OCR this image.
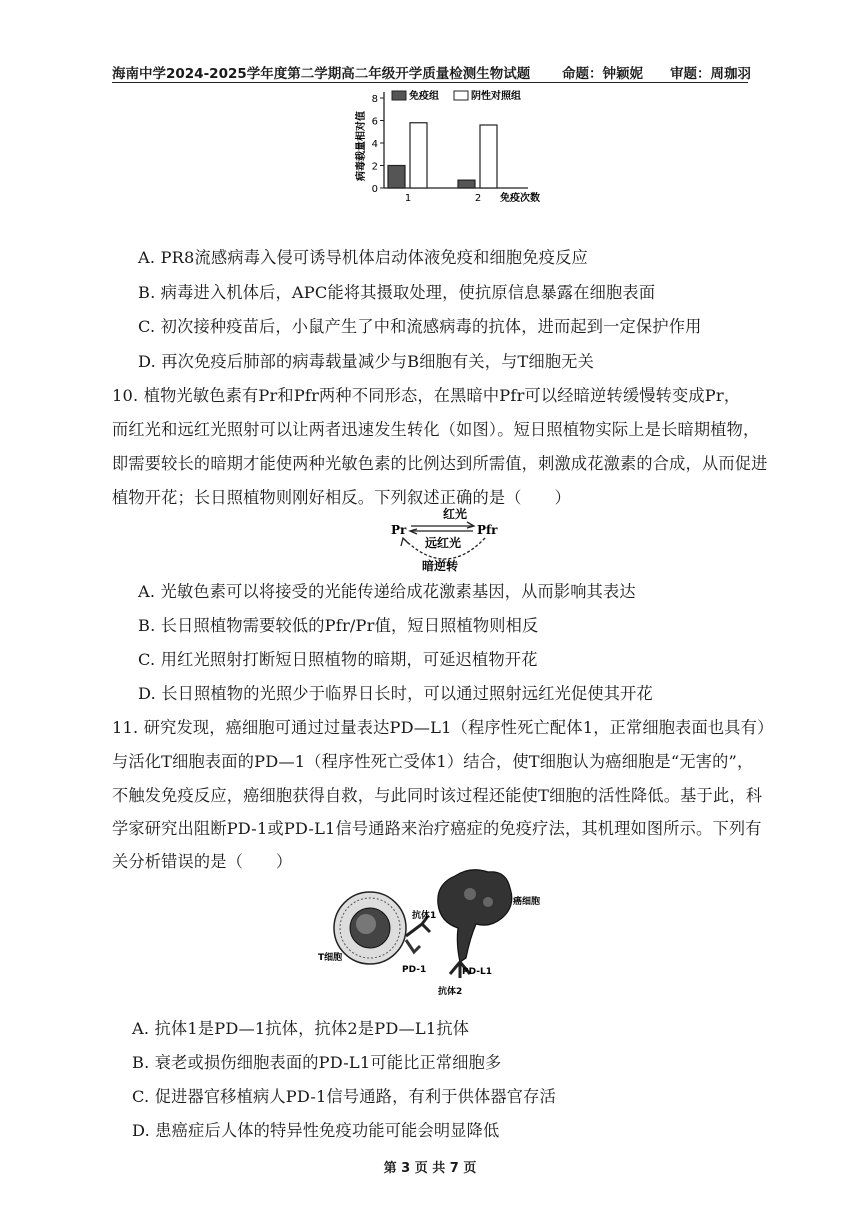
海南中学2024-2025学年度第二学期高二年级开学质量检测生物试题 命题：钟颖妮 审题：周珈羽
病毒载量相对值
0
2
4
6
8
1	2
免疫组	阴性对照组
免疫次数
A. PR8流感病毒入侵可诱导机体启动体液免疫和细胞免疫反应
B. 病毒进入机体后，APC能将其摄取处理，使抗原信息暴露在细胞表面
C. 初次接种疫苗后，小鼠产生了中和流感病毒的抗体，进而起到一定保护作用
D. 再次免疫后肺部的病毒载量减少与B细胞有关，与T细胞无关
10. 植物光敏色素有Pr和Pfr两种不同形态，在黑暗中Pfr可以经暗逆转缓慢转变成Pr，
而红光和远红光照射可以让两者迅速发生转化（如图）。短日照植物实际上是长暗期植物，
即需要较长的暗期才能使两种光敏色素的比例达到所需值，刺激成花激素的合成，从而促进
植物开花；长日照植物则刚好相反。下列叙述正确的是（　　）
红光
Pr	Pfr
远红光
暗逆转
A. 光敏色素可以将接受的光能传递给成花激素基因，从而影响其表达
B. 长日照植物需要较低的Pfr/Pr值，短日照植物则相反
C. 用红光照射打断短日照植物的暗期，可延迟植物开花
D. 长日照植物的光照少于临界日长时，可以通过照射远红光促使其开花
11. 研究发现，癌细胞可通过过量表达PD—L1（程序性死亡配体1，正常细胞表面也具有）
与活化T细胞表面的PD—1（程序性死亡受体1）结合，使T细胞认为癌细胞是“无害的”，
不触发免疫反应，癌细胞获得自救，与此同时该过程还能使T细胞的活性降低。基于此，科
学家研究出阻断PD-1或PD-L1信号通路来治疗癌症的免疫疗法，其机理如图所示。下列有
关分析错误的是（　　）
T细胞
癌细胞
抗体1
PD-1	PD-L1
抗体2
A. 抗体1是PD—1抗体，抗体2是PD—L1抗体
B. 衰老或损伤细胞表面的PD-L1可能比正常细胞多
C. 促进器官移植病人PD-1信号通路，有利于供体器官存活
D. 患癌症后人体的特异性免疫功能可能会明显降低
第 3 页 共 7 页
